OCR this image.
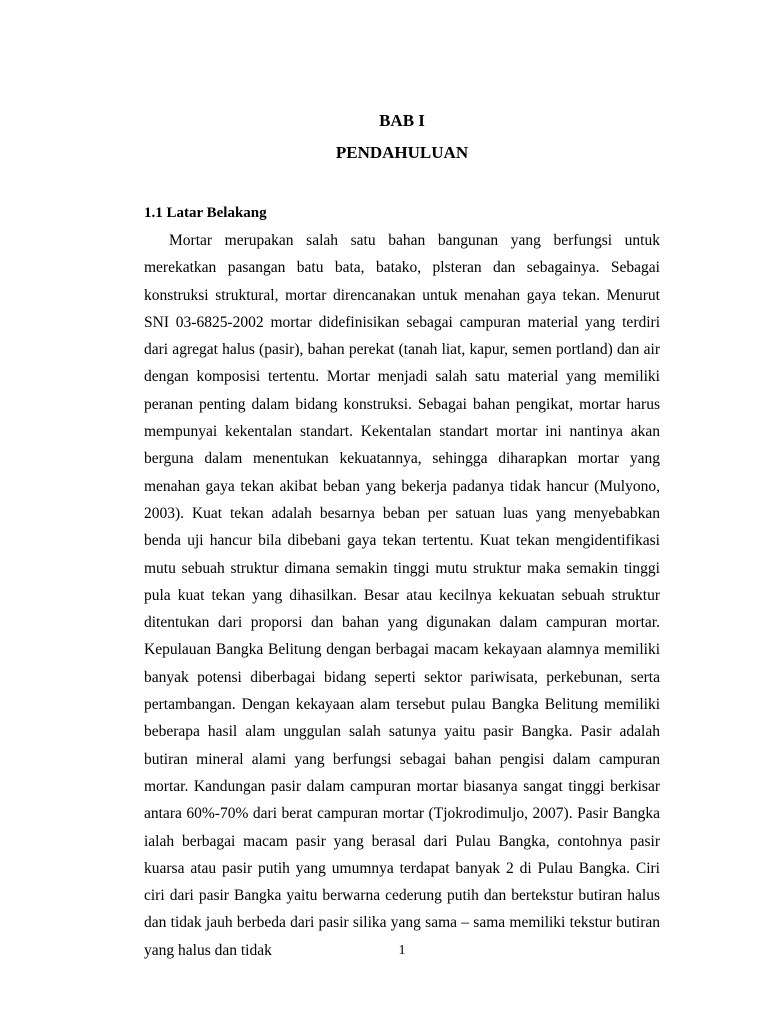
BAB I
PENDAHULUAN
1.1 Latar Belakang

Mortar merupakan salah satu bahan bangunan yang berfungsi untuk merekatkan pasangan batu bata, batako, plsteran dan sebagainya. Sebagai konstruksi struktural, mortar direncanakan untuk menahan gaya tekan. Menurut SNI 03-6825-2002 mortar didefinisikan sebagai campuran material yang terdiri dari agregat halus (pasir), bahan perekat (tanah liat, kapur, semen portland) dan air dengan komposisi tertentu. Mortar menjadi salah satu material yang memiliki peranan penting dalam bidang konstruksi. Sebagai bahan pengikat, mortar harus mempunyai kekentalan standart. Kekentalan standart mortar ini nantinya akan berguna dalam menentukan kekuatannya, sehingga diharapkan mortar yang menahan gaya tekan akibat beban yang bekerja padanya tidak hancur (Mulyono, 2003). Kuat tekan adalah besarnya beban per satuan luas yang menyebabkan benda uji hancur bila dibebani gaya tekan tertentu. Kuat tekan mengidentifikasi mutu sebuah struktur dimana semakin tinggi mutu struktur maka semakin tinggi pula kuat tekan yang dihasilkan. Besar atau kecilnya kekuatan sebuah struktur ditentukan dari proporsi dan bahan yang digunakan dalam campuran mortar. Kepulauan Bangka Belitung dengan berbagai macam kekayaan alamnya memiliki banyak potensi diberbagai bidang seperti sektor pariwisata, perkebunan, serta pertambangan. Dengan kekayaan alam tersebut pulau Bangka Belitung memiliki beberapa hasil alam unggulan salah satunya yaitu pasir Bangka. Pasir adalah butiran mineral alami yang berfungsi sebagai bahan pengisi dalam campuran mortar. Kandungan pasir dalam campuran mortar biasanya sangat tinggi berkisar antara 60%-70% dari berat campuran mortar (Tjokrodimuljo, 2007). Pasir Bangka ialah berbagai macam pasir yang berasal dari Pulau Bangka, contohnya pasir kuarsa atau pasir putih yang umumnya terdapat banyak 2 di Pulau Bangka. Ciri ciri dari pasir Bangka yaitu berwarna cederung putih dan bertekstur butiran halus dan tidak jauh berbeda dari pasir silika yang sama – sama memiliki tekstur butiran yang halus dan tidak	1
